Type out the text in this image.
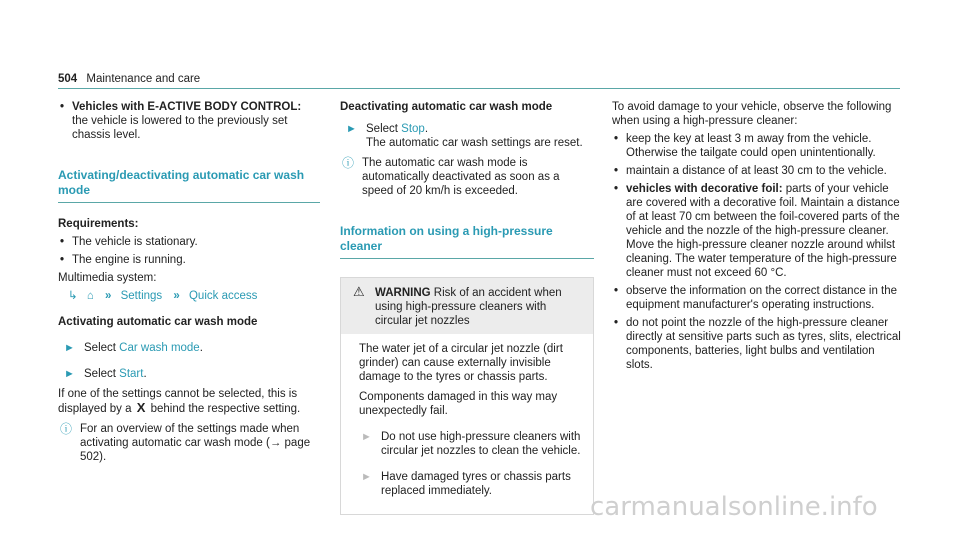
504 Maintenance and care
• Vehicles with E-ACTIVE BODY CONTROL: the vehicle is lowered to the previously set chassis level.
Activating/deactivating automatic car wash mode

Requirements:

• The vehicle is stationary.
• The engine is running.

Multimedia system:

↳ ⌂ » Settings » Quick access

Activating automatic car wash mode

► Select Car wash mode.
► Select Start.

If one of the settings cannot be selected, this is displayed by a X behind the respective setting.

ⓘ For an overview of the settings made when activating automatic car wash mode (→ page 502).

Deactivating automatic car wash mode

► Select Stop.
The automatic car wash settings are reset.
ⓘ The automatic car wash mode is automatically deactivated as soon as a speed of 20 km/h is exceeded.
Information on using a high-pressure cleaner
⚠ WARNING Risk of an accident when using high-pressure cleaners with circular jet nozzles

The water jet of a circular jet nozzle (dirt grinder) can cause externally invisible damage to the tyres or chassis parts.

Components damaged in this way may unexpectedly fail.

► Do not use high-pressure cleaners with circular jet nozzles to clean the vehicle.
► Have damaged tyres or chassis parts replaced immediately.

To avoid damage to your vehicle, observe the following when using a high-pressure cleaner:

• keep the key at least 3 m away from the vehicle. Otherwise the tailgate could open unintentionally.
• maintain a distance of at least 30 cm to the vehicle.
• vehicles with decorative foil: parts of your vehicle are covered with a decorative foil. Maintain a distance of at least 70 cm between the foil-covered parts of the vehicle and the nozzle of the high-pressure cleaner. Move the high-pressure cleaner nozzle around whilst cleaning. The water temperature of the high-pressure cleaner must not exceed 60 °C.
• observe the information on the correct distance in the equipment manufacturer's operating instructions.
• do not point the nozzle of the high-pressure cleaner directly at sensitive parts such as tyres, slits, electrical components, batteries, light bulbs and ventilation slots.
carmanualsonline.info
